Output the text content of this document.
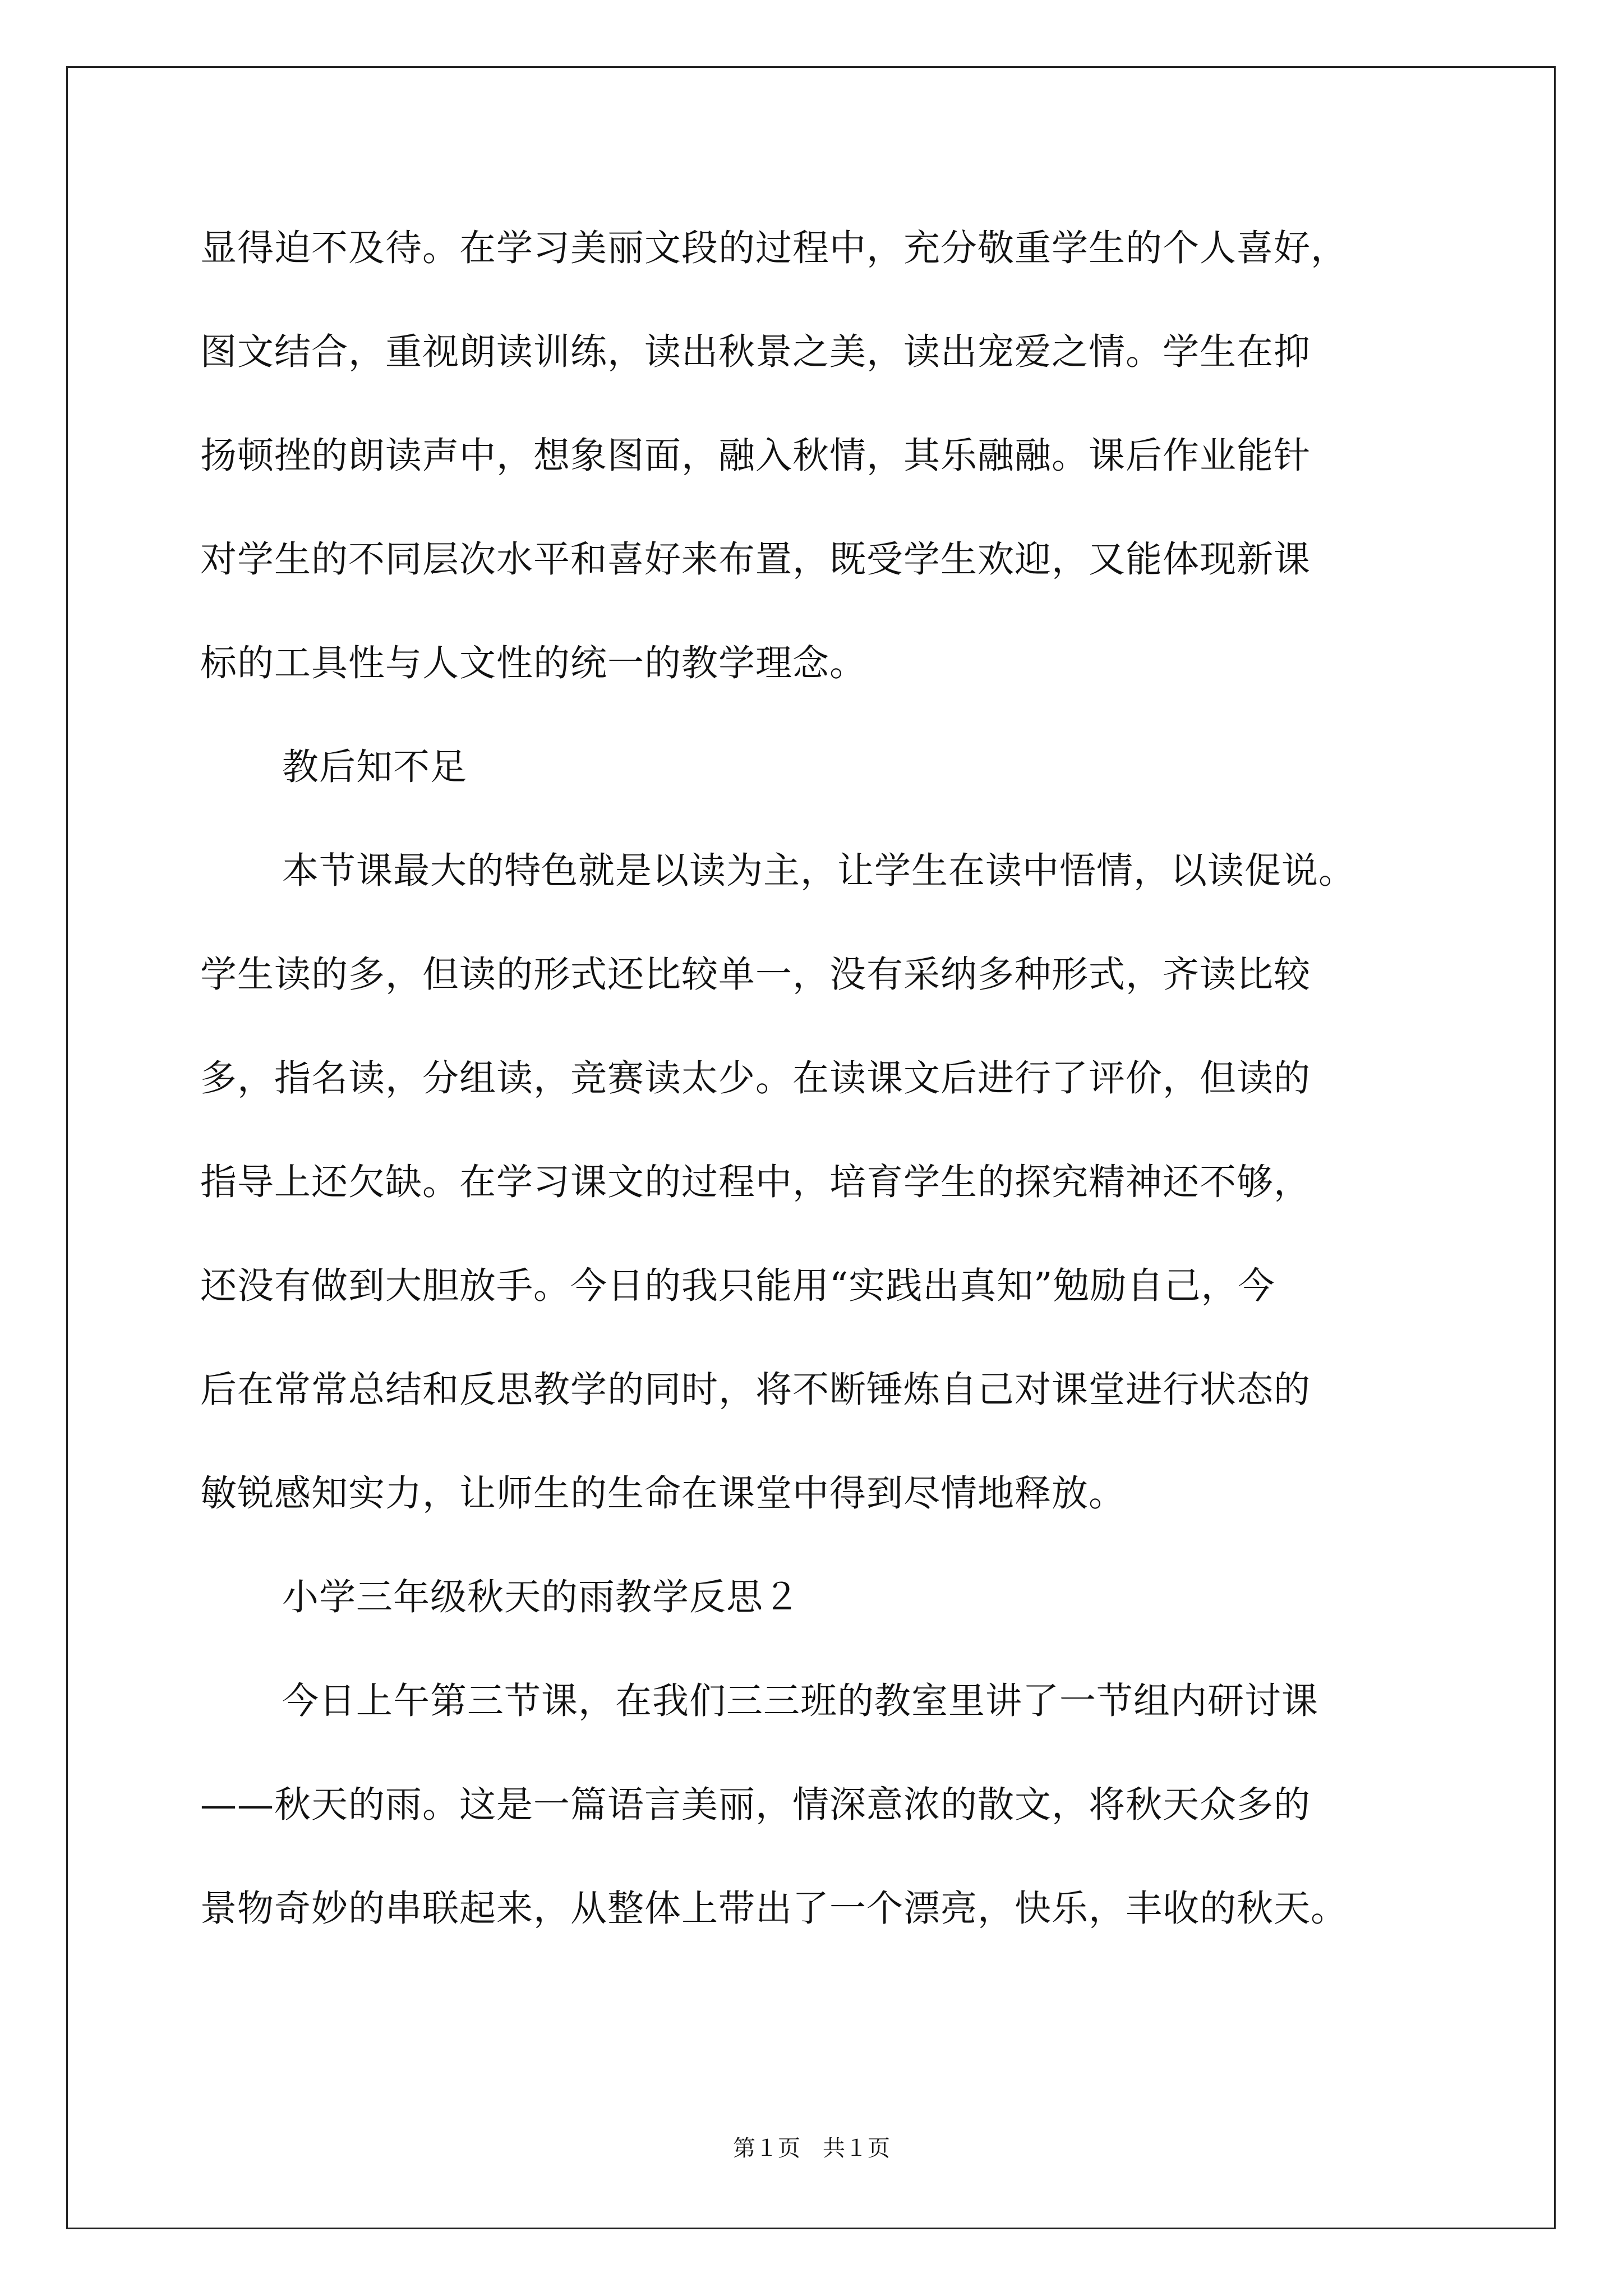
显得迫不及待。在学习美丽文段的过程中，充分敬重学生的个人喜好，
图文结合，重视朗读训练，读出秋景之美，读出宠爱之情。学生在抑
扬顿挫的朗读声中，想象图面，融入秋情，其乐融融。课后作业能针
对学生的不同层次水平和喜好来布置，既受学生欢迎，又能体现新课
标的工具性与人文性的统一的教学理念。
教后知不足
本节课最大的特色就是以读为主，让学生在读中悟情，以读促说。
学生读的多，但读的形式还比较单一，没有采纳多种形式，齐读比较
多，指名读，分组读，竞赛读太少。在读课文后进行了评价，但读的
指导上还欠缺。在学习课文的过程中，培育学生的探究精神还不够，
还没有做到大胆放手。今日的我只能用“实践出真知”勉励自己，今
后在常常总结和反思教学的同时，将不断锤炼自己对课堂进行状态的
敏锐感知实力，让师生的生命在课堂中得到尽情地释放。
小学三年级秋天的雨教学反思２
今日上午第三节课，在我们三三班的教室里讲了一节组内研讨课
——秋天的雨。这是一篇语言美丽，情深意浓的散文，将秋天众多的
景物奇妙的串联起来，从整体上带出了一个漂亮，快乐，丰收的秋天。
第１页　共１页
